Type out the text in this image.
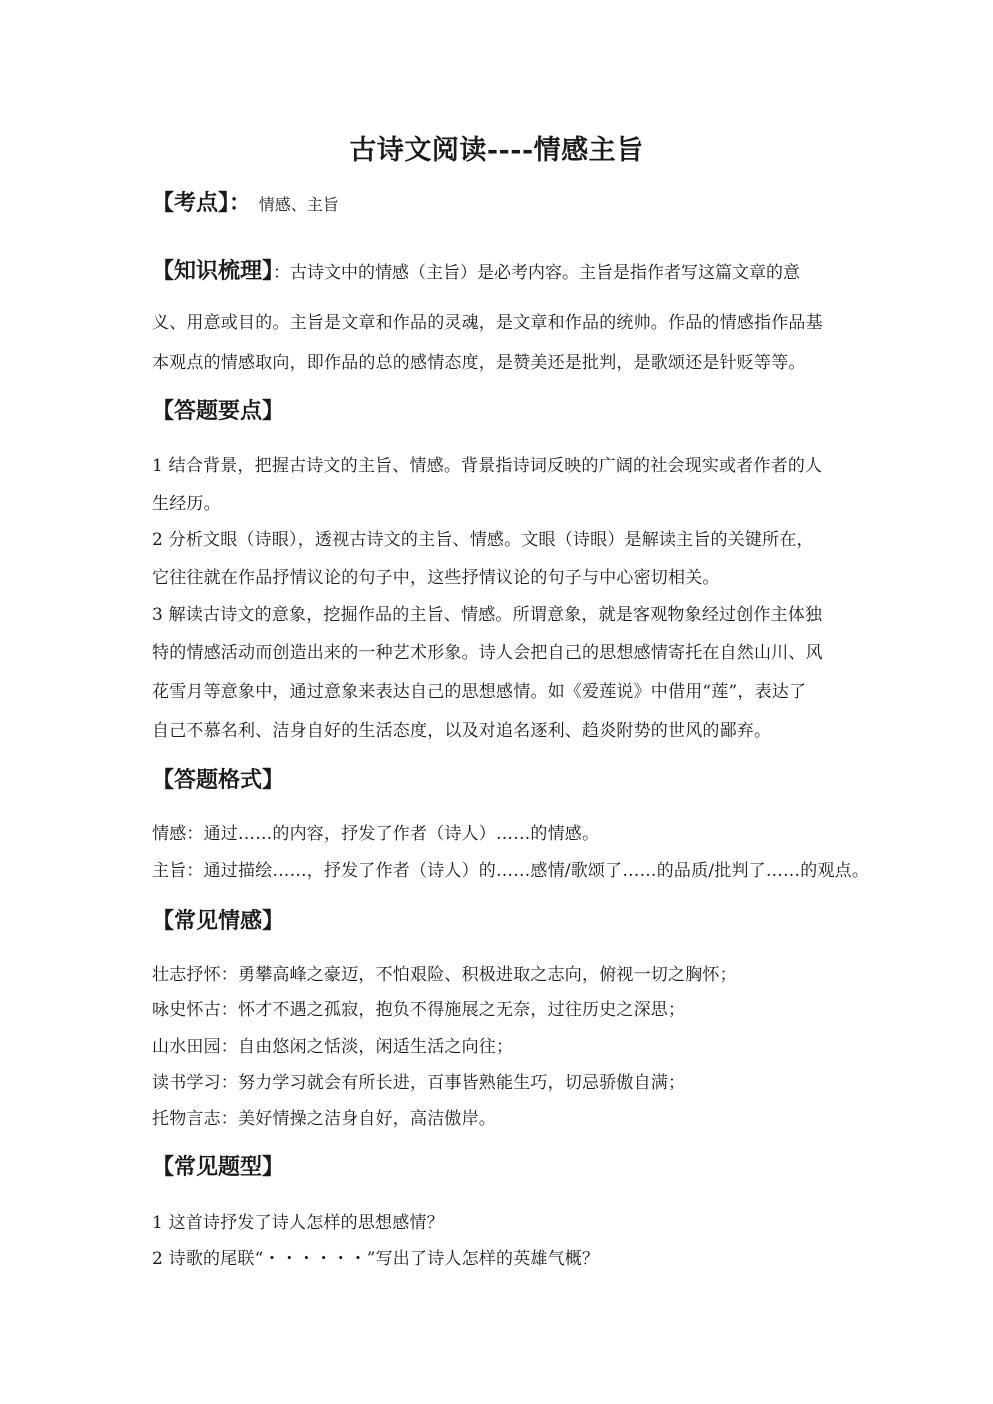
古诗文阅读----情感主旨
【考点】： 情感、主旨
【知识梳理】：古诗文中的情感（主旨）是必考内容。主旨是指作者写这篇文章的意
义、用意或目的。主旨是文章和作品的灵魂，是文章和作品的统帅。作品的情感指作品基
本观点的情感取向，即作品的总的感情态度，是赞美还是批判，是歌颂还是针贬等等。
【答题要点】
1 结合背景，把握古诗文的主旨、情感。背景指诗词反映的广阔的社会现实或者作者的人
生经历。
2 分析文眼（诗眼），透视古诗文的主旨、情感。文眼（诗眼）是解读主旨的关键所在，
它往往就在作品抒情议论的句子中，这些抒情议论的句子与中心密切相关。
3 解读古诗文的意象，挖掘作品的主旨、情感。所谓意象，就是客观物象经过创作主体独
特的情感活动而创造出来的一种艺术形象。诗人会把自己的思想感情寄托在自然山川、风
花雪月等意象中，通过意象来表达自己的思想感情。如《爱莲说》中借用“莲”，表达了
自己不慕名利、洁身自好的生活态度，以及对追名逐利、趋炎附势的世风的鄙弃。
【答题格式】
情感：通过……的内容，抒发了作者（诗人）……的情感。
主旨：通过描绘……，抒发了作者（诗人）的……感情/歌颂了……的品质/批判了……的观点。
【常见情感】
壮志抒怀：勇攀高峰之豪迈，不怕艰险、积极进取之志向，俯视一切之胸怀；
咏史怀古：怀才不遇之孤寂，抱负不得施展之无奈，过往历史之深思；
山水田园：自由悠闲之恬淡，闲适生活之向往；
读书学习：努力学习就会有所长进，百事皆熟能生巧，切忌骄傲自满；
托物言志：美好情操之洁身自好，高洁傲岸。
【常见题型】
1 这首诗抒发了诗人怎样的思想感情？
2 诗歌的尾联“・・・・・・”写出了诗人怎样的英雄气概？
